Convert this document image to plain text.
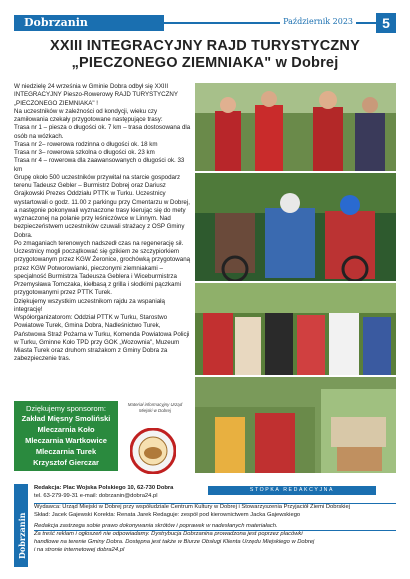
Dobrzanin	Październik 2023	5
XXIII INTEGRACYJNY RAJD TURYSTYCZNY
„PIECZONEGO ZIEMNIAKA" w Dobrej

W niedzielę 24 września w Gminie Dobra odbył się XXIII INTEGRACYJNY Pieszo-Rowerowy RAJD TURYSTYCZNY „PIECZONEGO ZIEMNIAKA" !

Na uczestników w zależności od kondycji, wieku czy zamiłowania czekały przygotowane następujące trasy:

Trasa nr 1 – piesza o długości ok. 7 km – trasa dostosowana dla osób na wózkach.

Trasa nr 2– rowerowa rodzinna o długości ok. 18 km

Trasa nr 3– rowerowa szkolna o długości ok. 23 km

Trasa nr 4 – rowerowa dla zaawansowanych o długości ok. 33 km

Grupę około 500 uczestników przywitał na starcie gospodarz terenu Tadeusz Gebler – Burmistrz Dobrej oraz Dariusz Grajkowski Prezes Oddziału PTTK w Turku. Uczestnicy wystartowali o godz. 11.00 z parkingu przy Cmentarzu w Dobrej, a następnie pokonywali wyznaczone trasy kierując się do mety wyznaczonej na polanie przy leśniczówce w Linnym. Nad bezpieczeństwem uczestników czuwali strażacy z OSP Gminy Dobra.

Po zmaganiach terenowych nadszedł czas na regenerację sił. Uczestnicy mogli początkować się gzikiem ze szczypiorkiem przygotowanym przez KGW Żeronice, grochówką przygotowaną przez KGW Potworowianki, pieczonymi ziemniakami – specjalność Burmistrza Tadeusza Geblera i Wiceburmistrza Przemysława Tomczaka, kiełbasą z grilla i słodkimi pączkami przygotowanymi przez PTTK Turek.

Dziękujemy wszystkim uczestnikom rajdu za wspaniałą integrację!

Współorganizatorom: Oddział PTTK w Turku, Starostwo Powiatowe Turek, Gmina Dobra, Nadleśnictwo Turek, Państwowa Straż Pożarna w Turku, Komenda Powiatowa Policji w Turku, Gminne Koło TPD przy GOK „Wozownia", Muzeum Miasta Turek oraz druhom strażakom z Gminy Dobra za zabezpieczenie tras.

Dziękujemy sponsorom:
Zakład Mięsny Smoliński
Mleczarnia Koło
Mleczarnia Wartkowice
Mleczarnia Turek
Krzysztof Gierczar
Materiał informacyjny Urząd Miejski w Dobrej
Dobrzanin
Redakcja: Plac Wojska Polskiego 10, 62-730 Dobra
tel. 63-279-99-31 e-mail: dobrzanin@dobra24.pl
Wydawca: Urząd Miejski w Dobrej przy współudziale Centrum Kultury w Dobrej i Stowarzyszenia Przyjaciół Ziemi Dobrskiej
Skład: Jacek Gajewski Korekta: Renata Jarek Redaguje: zespół pod kierownictwem Jacka Gajewskiego
Redakcja zastrzega sobie prawo dokonywania skrótów i poprawek w nadesłanych materiałach.
Za treść reklam i ogłoszeń nie odpowiadamy. Dystrybucja Dobrzanina prowadzona jest poprzez placówki
handlowe na terenie Gminy Dobra. Dostępna jest także w Biurze Obsługi Klienta Urzędu Miejskiego w Dobrej
i na stronie internetowej dobra24.pl
STOPKA REDAKCYJNA
